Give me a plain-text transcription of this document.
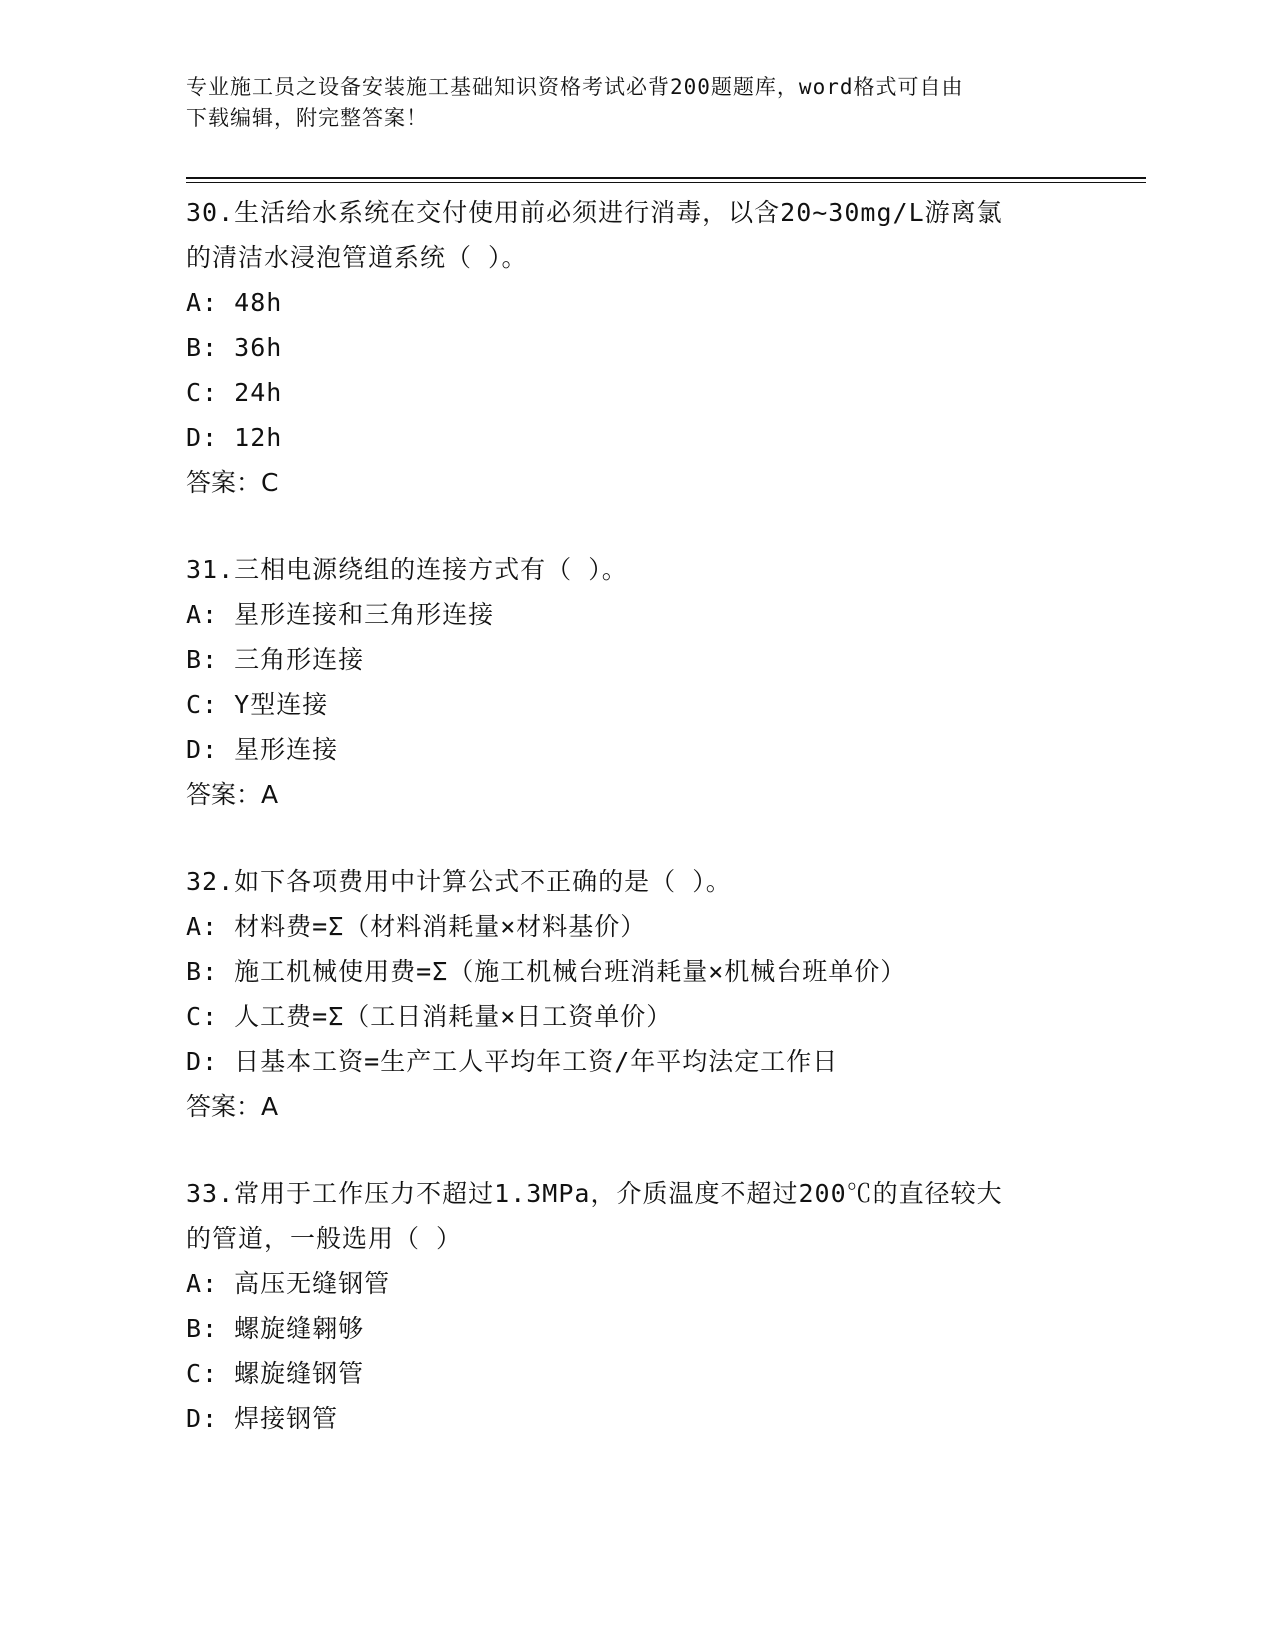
专业施工员之设备安装施工基础知识资格考试必背200题题库，word格式可自由
下载编辑，附完整答案！
30.生活给水系统在交付使用前必须进行消毒，以含20~30mg/L游离氯
的清洁水浸泡管道系统（ ）。
A: 48h
B: 36h
C: 24h
D: 12h
答案：C
31.三相电源绕组的连接方式有（ ）。
A: 星形连接和三角形连接
B: 三角形连接
C: Y型连接
D: 星形连接
答案：A
32.如下各项费用中计算公式不正确的是（ ）。
A: 材料费=Σ（材料消耗量×材料基价）
B: 施工机械使用费=Σ（施工机械台班消耗量×机械台班单价）
C: 人工费=Σ（工日消耗量×日工资单价）
D: 日基本工资=生产工人平均年工资/年平均法定工作日
答案：A
33.常用于工作压力不超过1.3MPa，介质温度不超过200℃的直径较大
的管道，一般选用（ ）
A: 高压无缝钢管
B: 螺旋缝翱够
C: 螺旋缝钢管
D: 焊接钢管
